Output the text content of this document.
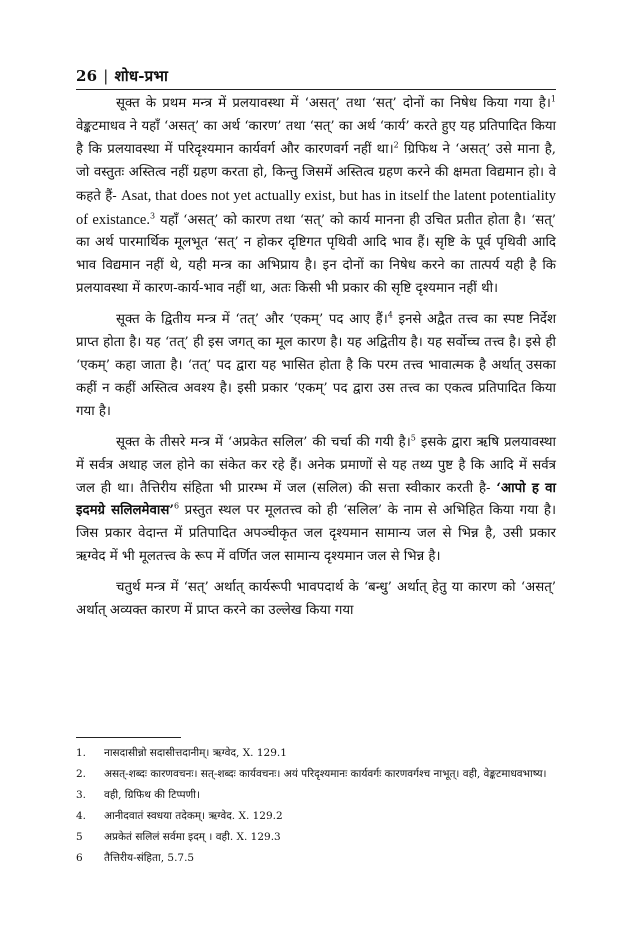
26 | शोध-प्रभा

सूक्त के प्रथम मन्त्र में प्रलयावस्था में ‘असत्’ तथा ‘सत्’ दोनों का निषेध किया गया है।$^1$ वेङ्कटमाधव ने यहाँ ‘असत्’ का अर्थ ‘कारण’ तथा ‘सत्’ का अर्थ ‘कार्य’ करते हुए यह प्रतिपादित किया है कि प्रलयावस्था में परिदृश्यमान कार्यवर्ग और कारणवर्ग नहीं था।$^2$ ग्रिफिथ ने ‘असत्’ उसे माना है, जो वस्तुतः अस्तित्व नहीं ग्रहण करता हो, किन्तु जिसमें अस्तित्व ग्रहण करने की क्षमता विद्यमान हो। वे कहते हैं- Asat, that does not yet actually exist, but has in itself the latent potentiality of existance.$^3$ यहाँ ‘असत्’ को कारण तथा ‘सत्’ को कार्य मानना ही उचित प्रतीत होता है। ‘सत्’ का अर्थ पारमार्थिक मूलभूत ‘सत्’ न होकर दृष्टिगत पृथिवी आदि भाव हैं। सृष्टि के पूर्व पृथिवी आदि भाव विद्यमान नहीं थे, यही मन्त्र का अभिप्राय है। इन दोनों का निषेध करने का तात्पर्य यही है कि प्रलयावस्था में कारण-कार्य-भाव नहीं था, अतः किसी भी प्रकार की सृष्टि दृश्यमान नहीं थी।

सूक्त के द्वितीय मन्त्र में ‘तत्’ और ‘एकम्’ पद आए हैं।$^4$ इनसे अद्वैत तत्त्व का स्पष्ट निर्देश प्राप्त होता है। यह ‘तत्’ ही इस जगत् का मूल कारण है। यह अद्वितीय है। यह सर्वोच्च तत्त्व है। इसे ही ‘एकम्’ कहा जाता है। ‘तत्’ पद द्वारा यह भासित होता है कि परम तत्त्व भावात्मक है अर्थात् उसका कहीं न कहीं अस्तित्व अवश्य है। इसी प्रकार ‘एकम्’ पद द्वारा उस तत्त्व का एकत्व प्रतिपादित किया गया है।

सूक्त के तीसरे मन्त्र में ‘अप्रकेत सलिल’ की चर्चा की गयी है।$^5$ इसके द्वारा ऋषि प्रलयावस्था में सर्वत्र अथाह जल होने का संकेत कर रहे हैं। अनेक प्रमाणों से यह तथ्य पुष्ट है कि आदि में सर्वत्र जल ही था। तैत्तिरीय संहिता भी प्रारम्भ में जल (सलिल) की सत्ता स्वीकार करती है- ‘आपो ह वा इदमग्रे सलिलमेवास’$^6$ प्रस्तुत स्थल पर मूलतत्त्व को ही ‘सलिल’ के नाम से अभिहित किया गया है। जिस प्रकार वेदान्त में प्रतिपादित अपञ्चीकृत जल दृश्यमान सामान्य जल से भिन्न है, उसी प्रकार ऋग्वेद में भी मूलतत्त्व के रूप में वर्णित जल सामान्य दृश्यमान जल से भिन्न है।

चतुर्थ मन्त्र में ‘सत्’ अर्थात् कार्यरूपी भावपदार्थ के ‘बन्धु’ अर्थात् हेतु या कारण को ‘असत्’ अर्थात् अव्यक्त कारण में प्राप्त करने का उल्लेख किया गया

1.	नासदासीन्नो सदासीत्तदानीम्। ऋग्वेद, X. 129.1
2.	असत्-शब्दः कारणवचनः। सत्-शब्दः कार्यवचनः। अयं परिदृश्यमानः कार्यवर्गः कारणवर्गश्च नाभूत्। वही, वेङ्कटमाधवभाष्य।
3.	वही, ग्रिफिथ की टिप्पणी।
4.	आनीदवातं स्वधया तदेकम्। ऋग्वेद. X. 129.2
5	अप्रकेतं सलिलं सर्वमा इदम् । वही. X. 129.3
6	तैत्तिरीय-संहिता, 5.7.5
